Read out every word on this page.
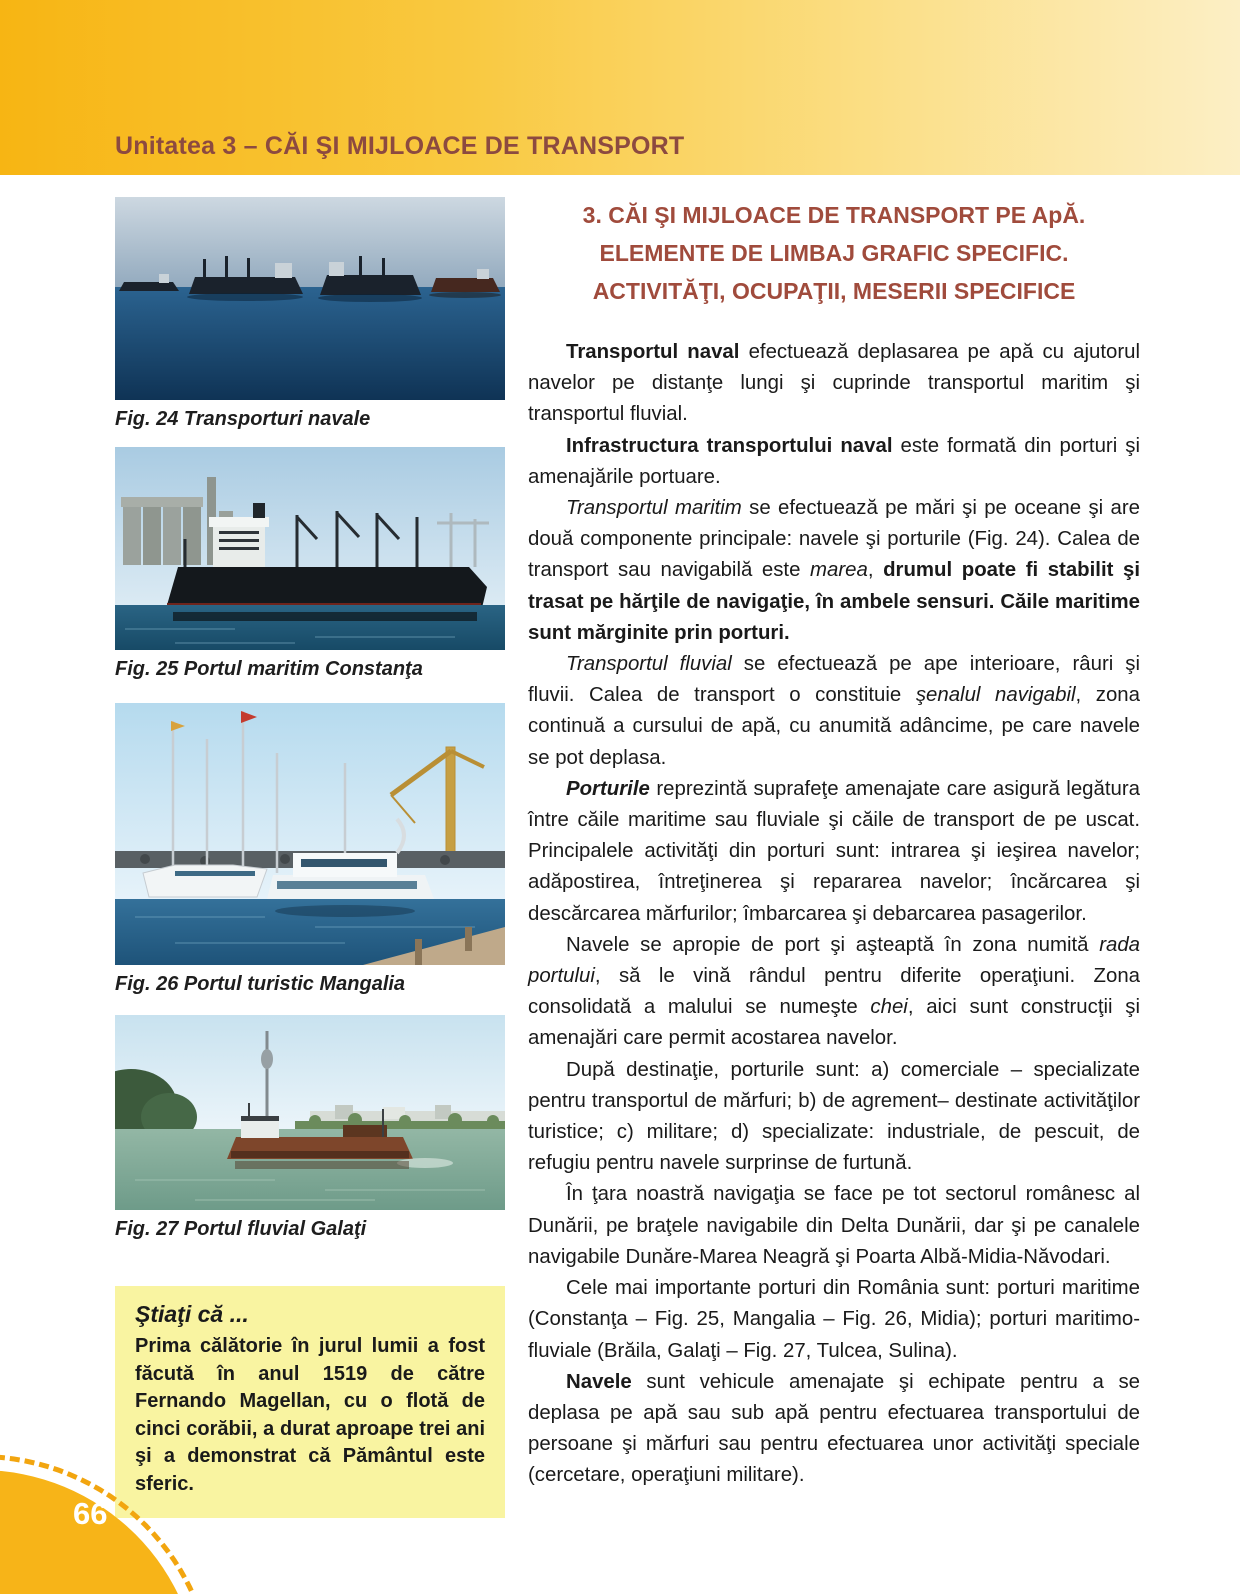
Unitatea 3 – CĂI ŞI MIJLOACE DE TRANSPORT
Fig. 24 Transporturi navale
Fig. 25 Portul maritim Constanţa
Fig. 26 Portul turistic Mangalia
Fig. 27 Portul fluvial Galaţi
Ştiaţi că ...

Prima călătorie în jurul lumii a fost făcută în anul 1519 de către Fernando Magellan, cu o flotă de cinci corăbii, a durat aproape trei ani şi a demonstrat că Pământul este sferic.

3. CĂI ŞI MIJLOACE DE TRANSPORT PE ApĂ.
ELEMENTE DE LIMBAJ GRAFIC SPECIFIC.
ACTIVITĂŢI, OCUPAŢII, MESERII SPECIFICE

Transportul naval efectuează deplasarea pe apă cu ajutorul navelor pe distanţe lungi şi cuprinde transportul maritim şi transportul fluvial.

Infrastructura transportului naval este formată din porturi şi amenajările portuare.

Transportul maritim se efectuează pe mări şi pe oceane şi are două componente principale: navele şi porturile (Fig. 24). Calea de transport sau navigabilă este marea, drumul poate fi stabilit şi trasat pe hărţile de navigaţie, în ambele sensuri. Căile maritime sunt mărginite prin porturi.

Transportul fluvial se efectuează pe ape interioare, râuri şi fluvii. Calea de transport o constituie şenalul navigabil, zona continuă a cursului de apă, cu anumită adâncime, pe care navele se pot deplasa.

Porturile reprezintă suprafeţe amenajate care asigură legătura între căile maritime sau fluviale şi căile de transport de pe uscat. Principalele activităţi din porturi sunt: intrarea şi ieşirea navelor; adăpostirea, întreţinerea şi repararea navelor; încărcarea şi descărcarea mărfurilor; îmbarcarea şi debarcarea pasagerilor.

Navele se apropie de port şi aşteaptă în zona numită rada portului, să le vină rândul pentru diferite operaţiuni. Zona consolidată a malului se numeşte chei, aici sunt construcţii şi amenajări care permit acostarea navelor.

După destinaţie, porturile sunt: a) comerciale – specializate pentru transportul de mărfuri; b) de agrement– destinate activităţilor turistice; c) militare; d) specializate: industriale, de pescuit, de refugiu pentru navele surprinse de furtună.

În ţara noastră navigaţia se face pe tot sectorul românesc al Dunării, pe braţele navigabile din Delta Dunării, dar şi pe canalele navigabile Dunăre-Marea Neagră şi Poarta Albă-Midia-Năvodari.

Cele mai importante porturi din România sunt: porturi maritime (Constanţa – Fig. 25, Mangalia – Fig. 26, Midia); porturi maritimo-fluviale (Brăila, Galaţi – Fig. 27, Tulcea, Sulina).

Navele sunt vehicule amenajate şi echipate pentru a se deplasa pe apă sau sub apă pentru efectuarea transportului de persoane şi mărfuri sau pentru efectuarea unor activităţi speciale (cercetare, operaţiuni militare).

66
